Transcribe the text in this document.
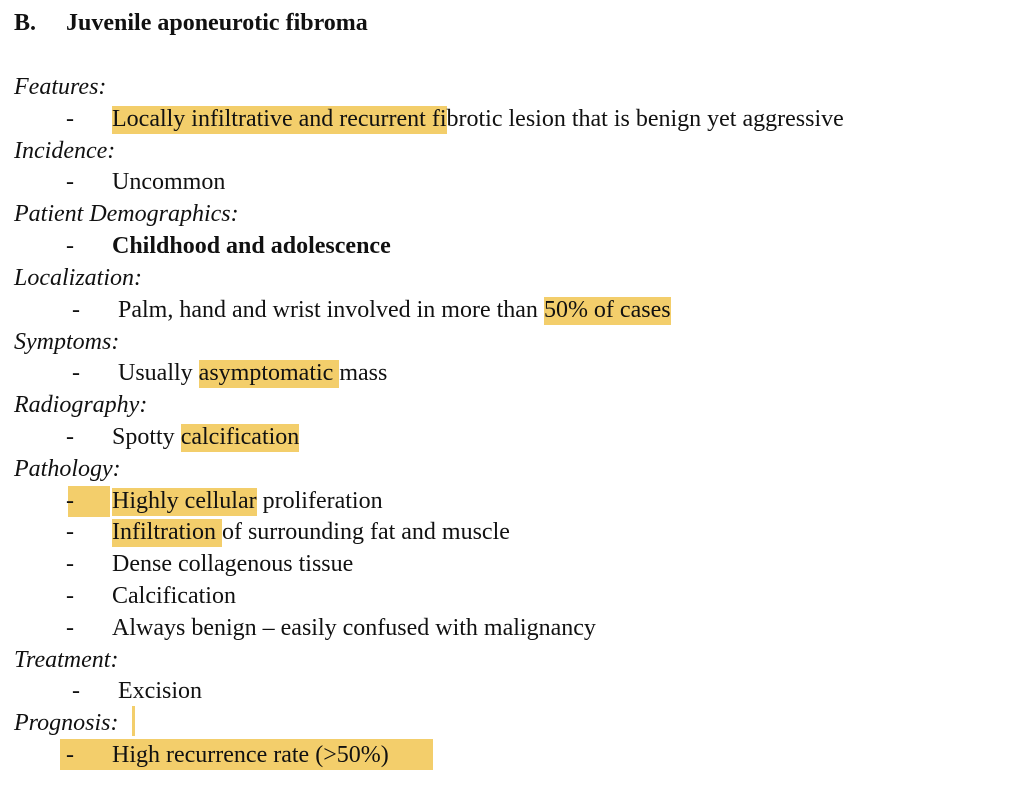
B. Juvenile aponeurotic fibroma
Features:
- Locally infiltrative and recurrent fibrotic lesion that is benign yet aggressive
Incidence:
- Uncommon
Patient Demographics:
- Childhood and adolescence
Localization:
- Palm, hand and wrist involved in more than 50% of cases
Symptoms:
- Usually asymptomatic mass
Radiography:
- Spotty calcification
Pathology:
- Highly cellular proliferation
- Infiltration of surrounding fat and muscle
- Dense collagenous tissue
- Calcification
- Always benign – easily confused with malignancy
Treatment:
- Excision
Prognosis:
- High recurrence rate (>50%)
